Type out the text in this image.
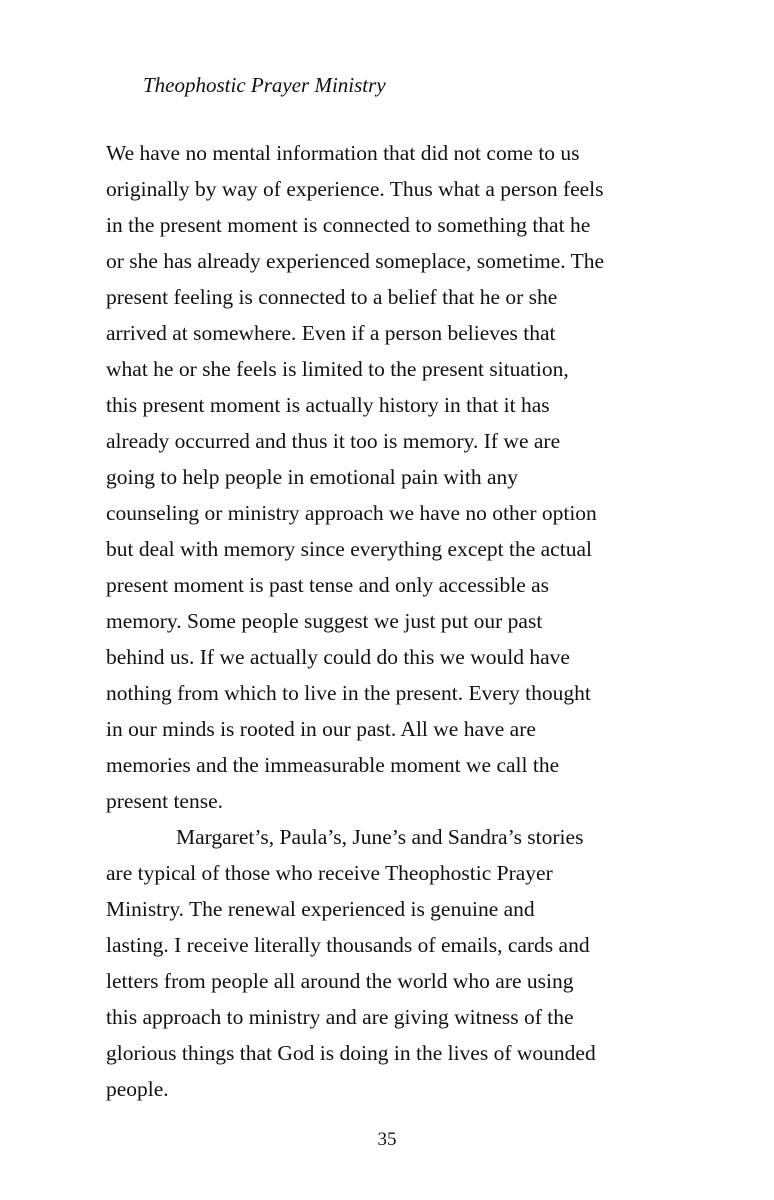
Theophostic Prayer Ministry
We have no mental information that did not come to us
originally by way of experience. Thus what a person feels
in the present moment is connected to something that he
or she has already experienced someplace, sometime. The
present feeling is connected to a belief that he or she
arrived at somewhere. Even if a person believes that
what he or she feels is limited to the present situation,
this present moment is actually history in that it has
already occurred and thus it too is memory. If we are
going to help people in emotional pain with any
counseling or ministry approach we have no other option
but deal with memory since everything except the actual
present moment is past tense and only accessible as
memory. Some people suggest we just put our past
behind us. If we actually could do this we would have
nothing from which to live in the present. Every thought
in our minds is rooted in our past. All we have are
memories and the immeasurable moment we call the
present tense.
Margaret’s, Paula’s, June’s and Sandra’s stories
are typical of those who receive Theophostic Prayer
Ministry. The renewal experienced is genuine and
lasting. I receive literally thousands of emails, cards and
letters from people all around the world who are using
this approach to ministry and are giving witness of the
glorious things that God is doing in the lives of wounded
people.
35
